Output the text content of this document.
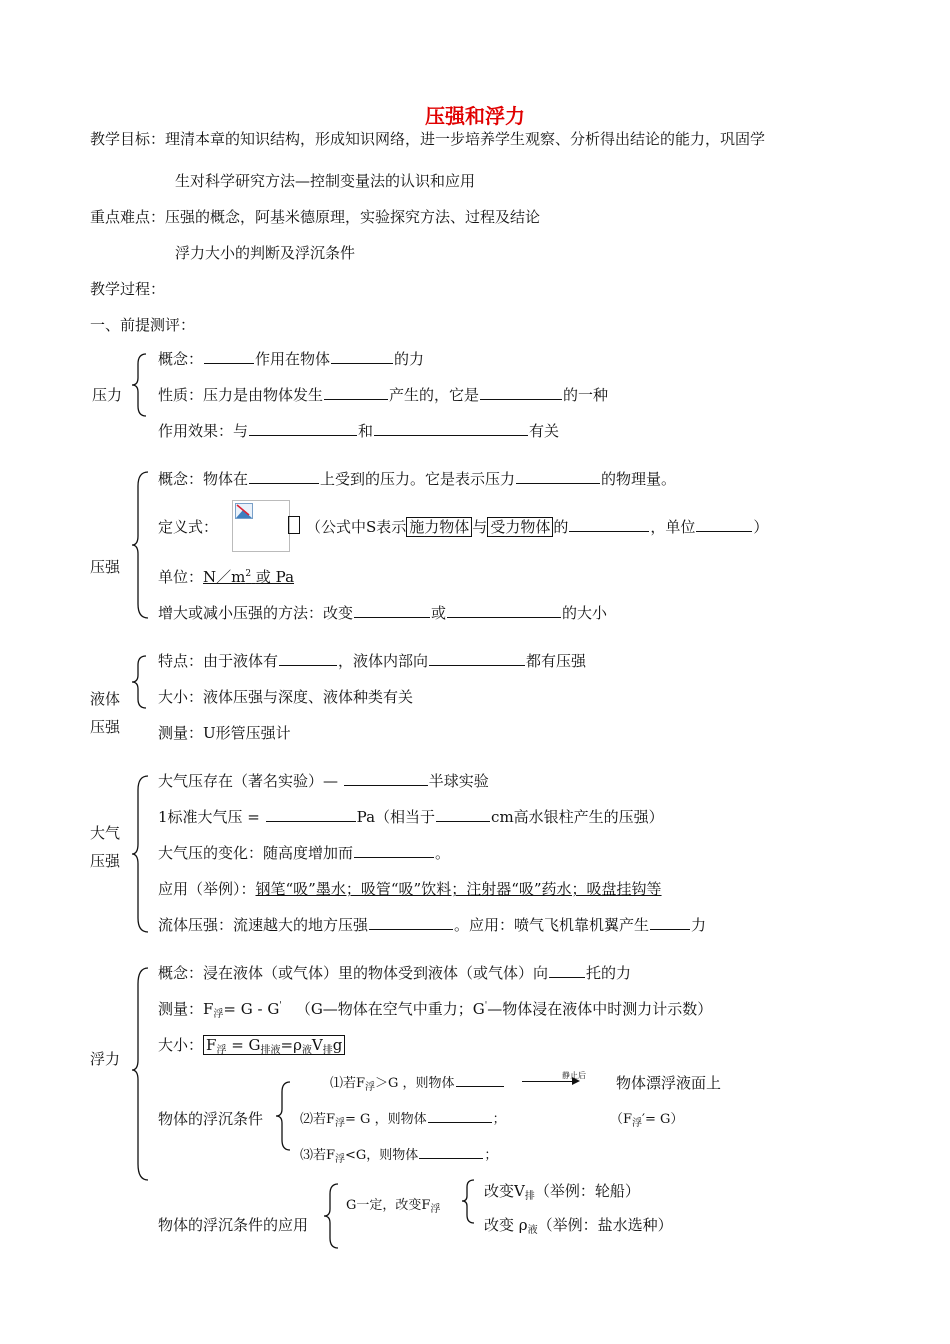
压强和浮力
教学目标：理清本章的知识结构，形成知识网络，进一步培养学生观察、分析得出结论的能力，巩固学
生对科学研究方法—控制变量法的认识和应用
重点难点：压强的概念，阿基米德原理，实验探究方法、过程及结论
浮力大小的判断及浮沉条件
教学过程：
一、前提测评：
压力
概念：	作用在物体	的力
性质：压力是由物体发生	产生的，它是	的一种
作用效果：与	和	有关
压强
概念：物体在	上受到的压力。它是表示压力	的物理量。
定义式：	（公式中S表示 施力物体 与 受力物体 的	，单位	）
单位：$N/m^2$ 或 Pa
增大或减小压强的方法：改变	或	的大小
液体
压强
特点：由于液体有	，液体内部向	都有压强
大小：液体压强与深度、液体种类有关
测量：U形管压强计
大气
压强
大气压存在（著名实验）—	半球实验
1标准大气压 =	Pa（相当于	cm高水银柱产生的压强）
大气压的变化：随高度增加而	。
应用（举例）：钢笔“吸”墨水；吸管“吸”饮料；注射器“吸”药水；吸盘挂钩等
流体压强：流速越大的地方压强	。应用：喷气飞机靠机翼产生	力
浮力
概念：浸在液体（或气体）里的物体受到液体（或气体）向	托的力
测量：$F_浮= G - G'$ （G—物体在空气中重力；G'—物体浸在液体中时测力计示数）
大小： $F_浮 = G_{排液}=\rho_液V_排g$
物体的浮沉条件
⑴若$F_浮>G$ ，则物体
静止后 物体漂浮液面上
⑵若$F_浮= G$ ，则物体	；	$(F_浮'= G)$
⑶若$F_浮<G$，则物体	；
物体的浮沉条件的应用
G一定，改变$F_浮$
改变$V_排$（举例：轮船）
改变 $\rho_液$（举例：盐水选种）
